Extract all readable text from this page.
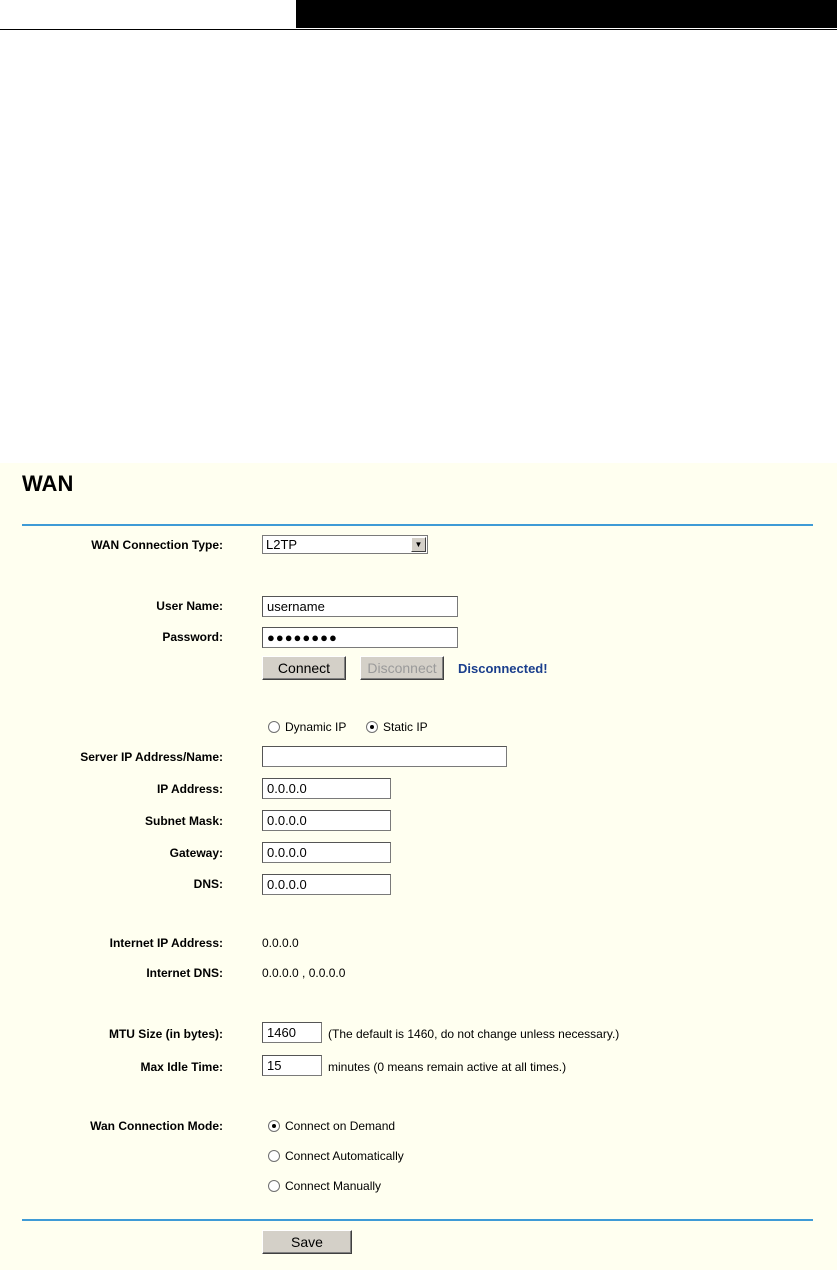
WAN
WAN Connection Type:	L2TP	▼
User Name:
username
Password:	●●●●●●●●
Connect	Disconnect	Disconnected!
Dynamic IP	Static IP
Server IP Address/Name:
IP Address:
0.0.0.0
Subnet Mask:
0.0.0.0
Gateway:
0.0.0.0
DNS:
0.0.0.0
Internet IP Address:	0.0.0.0
Internet DNS:	0.0.0.0 , 0.0.0.0
MTU Size (in bytes):
1460	(The default is 1460, do not change unless necessary.)
Max Idle Time:
15	minutes (0 means remain active at all times.)
Wan Connection Mode:	Connect on Demand
Connect Automatically
Connect Manually
Save
